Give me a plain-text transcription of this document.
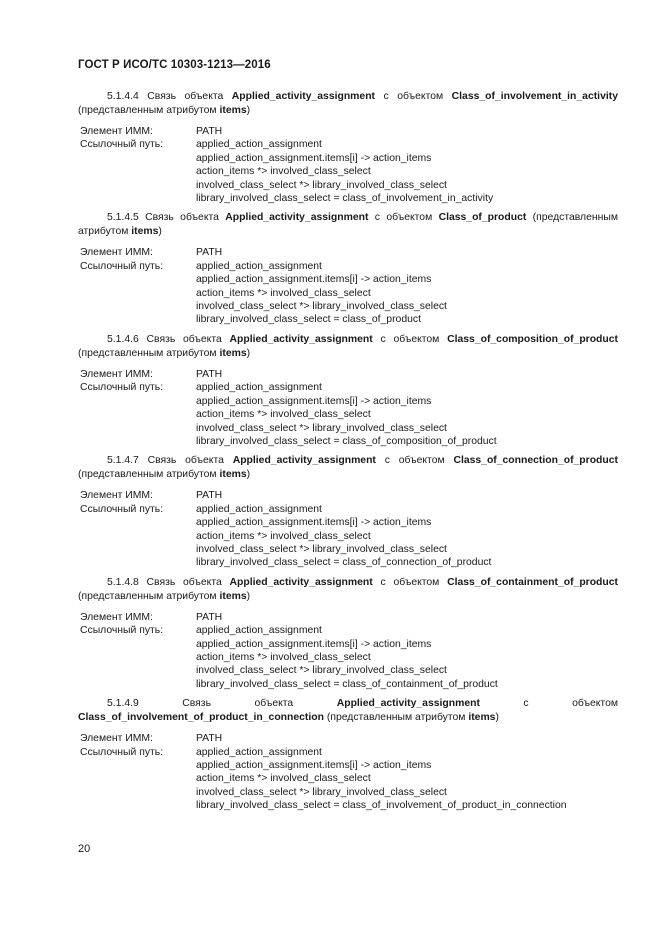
ГОСТ Р ИСО/ТС 10303-1213—2016

5.1.4.4 Связь объекта Applied_activity_assignment с объектом Class_of_involvement_in_activity (представленным атрибутом items)

Элемент ИММ:	PATH
Ссылочный путь:	applied_action_assignment
applied_action_assignment.items[i] -> action_items
action_items *> involved_class_select
involved_class_select *> library_involved_class_select
library_involved_class_select = class_of_involvement_in_activity

5.1.4.5 Связь объекта Applied_activity_assignment с объектом Class_of_product (представленным атрибутом items)

Элемент ИММ:	PATH
Ссылочный путь:	applied_action_assignment
applied_action_assignment.items[i] -> action_items
action_items *> involved_class_select
involved_class_select *> library_involved_class_select
library_involved_class_select = class_of_product

5.1.4.6 Связь объекта Applied_activity_assignment с объектом Class_of_composition_of_product (представленным атрибутом items)

Элемент ИММ:	PATH
Ссылочный путь:	applied_action_assignment
applied_action_assignment.items[i] -> action_items
action_items *> involved_class_select
involved_class_select *> library_involved_class_select
library_involved_class_select = class_of_composition_of_product

5.1.4.7 Связь объекта Applied_activity_assignment с объектом Class_of_connection_of_product (представленным атрибутом items)

Элемент ИММ:	PATH
Ссылочный путь:	applied_action_assignment
applied_action_assignment.items[i] -> action_items
action_items *> involved_class_select
involved_class_select *> library_involved_class_select
library_involved_class_select = class_of_connection_of_product

5.1.4.8 Связь объекта Applied_activity_assignment с объектом Class_of_containment_of_product (представленным атрибутом items)

Элемент ИММ:	PATH
Ссылочный путь:	applied_action_assignment
applied_action_assignment.items[i] -> action_items
action_items *> involved_class_select
involved_class_select *> library_involved_class_select
library_involved_class_select = class_of_containment_of_product

5.1.4.9 Связь объекта Applied_activity_assignment с объектом Class_of_involvement_of_product_in_connection (представленным атрибутом items)

Элемент ИММ:	PATH
Ссылочный путь:	applied_action_assignment
applied_action_assignment.items[i] -> action_items
action_items *> involved_class_select
involved_class_select *> library_involved_class_select
library_involved_class_select = class_of_involvement_of_product_in_connection
20
